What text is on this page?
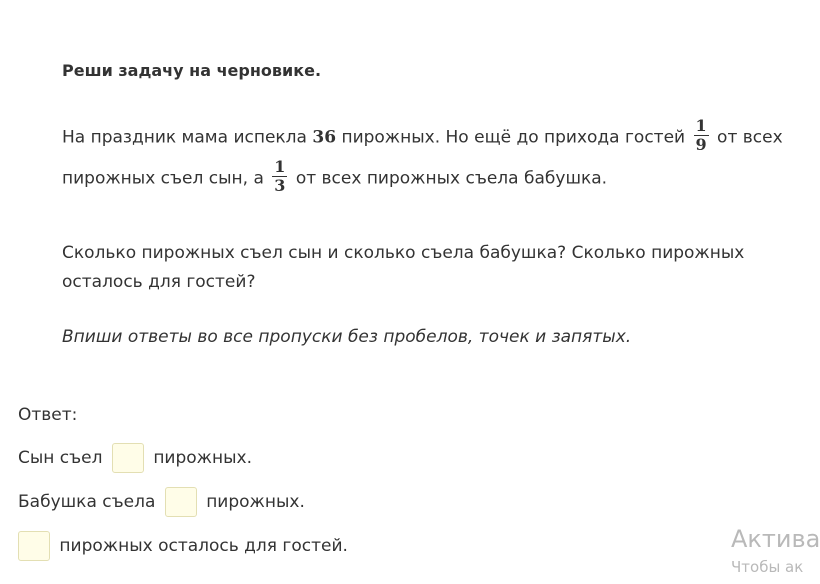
Реши задачу на черновике.

На праздник мама испекла 36 пирожных. Но ещё до прихода гостей $\frac{1}{9}$ от всех
пирожных съел сын, а $\frac{1}{3}$ от всех пирожных съела бабушка.
Сколько пирожных съел сын и сколько съела бабушка? Сколько пирожных осталось для гостей?
Впиши ответы во все пропуски без пробелов, точек и запятых.
Ответ:
Сын съел	пирожных.
Бабушка съела	пирожных.
пирожных осталось для гостей.	Актива
Чтобы ак
